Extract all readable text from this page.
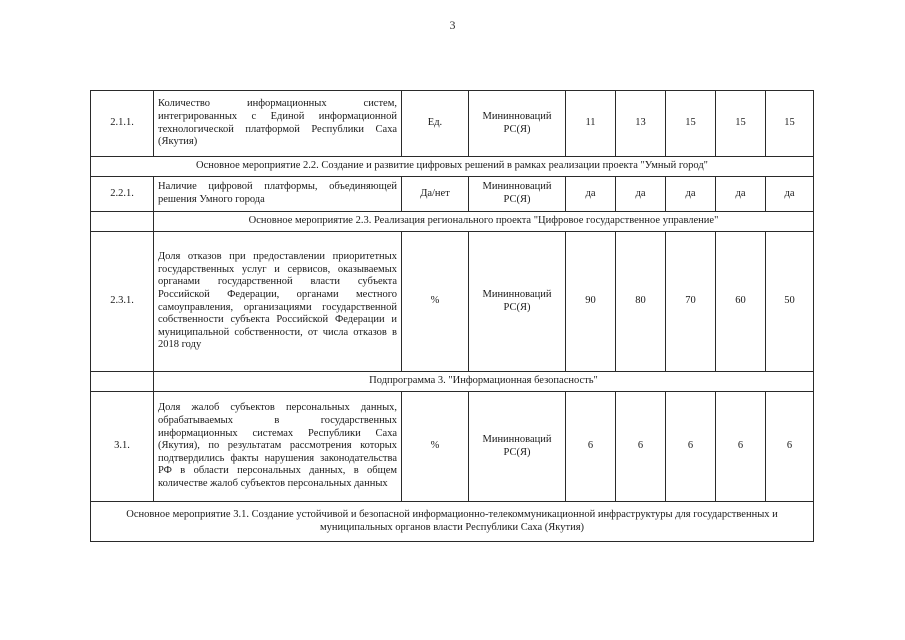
3
2.1.1.	Количество информационных систем, интегрированных с Единой информационной технологической платформой Республики Саха (Якутия)	Ед.	Мининноваций РС(Я)	11	13	15	15	15
Основное мероприятие 2.2. Создание и развитие цифровых решений в рамках реализации проекта "Умный город"								
2.2.1.	Наличие цифровой платформы, объединяющей решения Умного города	Да/нет	Мининноваций РС(Я)	да	да	да	да	да
	Основное мероприятие 2.3. Реализация регионального проекта "Цифровое государственное управление"							
2.3.1.	Доля отказов при предоставлении приоритетных государственных услуг и сервисов, оказываемых органами государственной власти субъекта Российской Федерации, органами местного самоуправления, организациями государственной собственности субъекта Российской Федерации и муниципальной собственности, от числа отказов в 2018 году	%	Мининноваций РС(Я)	90	80	70	60	50
	Подпрограмма 3. "Информационная безопасность"							
3.1.	Доля жалоб субъектов персональных данных, обрабатываемых в государственных информационных системах Республики Саха (Якутия), по результатам рассмотрения которых подтвердились факты нарушения законодательства РФ в области персональных данных, в общем количестве жалоб субъектов персональных данных	%	Мининноваций РС(Я)	6	6	6	6	6
Основное мероприятие 3.1. Создание устойчивой и безопасной информационно-телекоммуникационной инфраструктуры для государственных и муниципальных органов власти Республики Саха (Якутия)								
